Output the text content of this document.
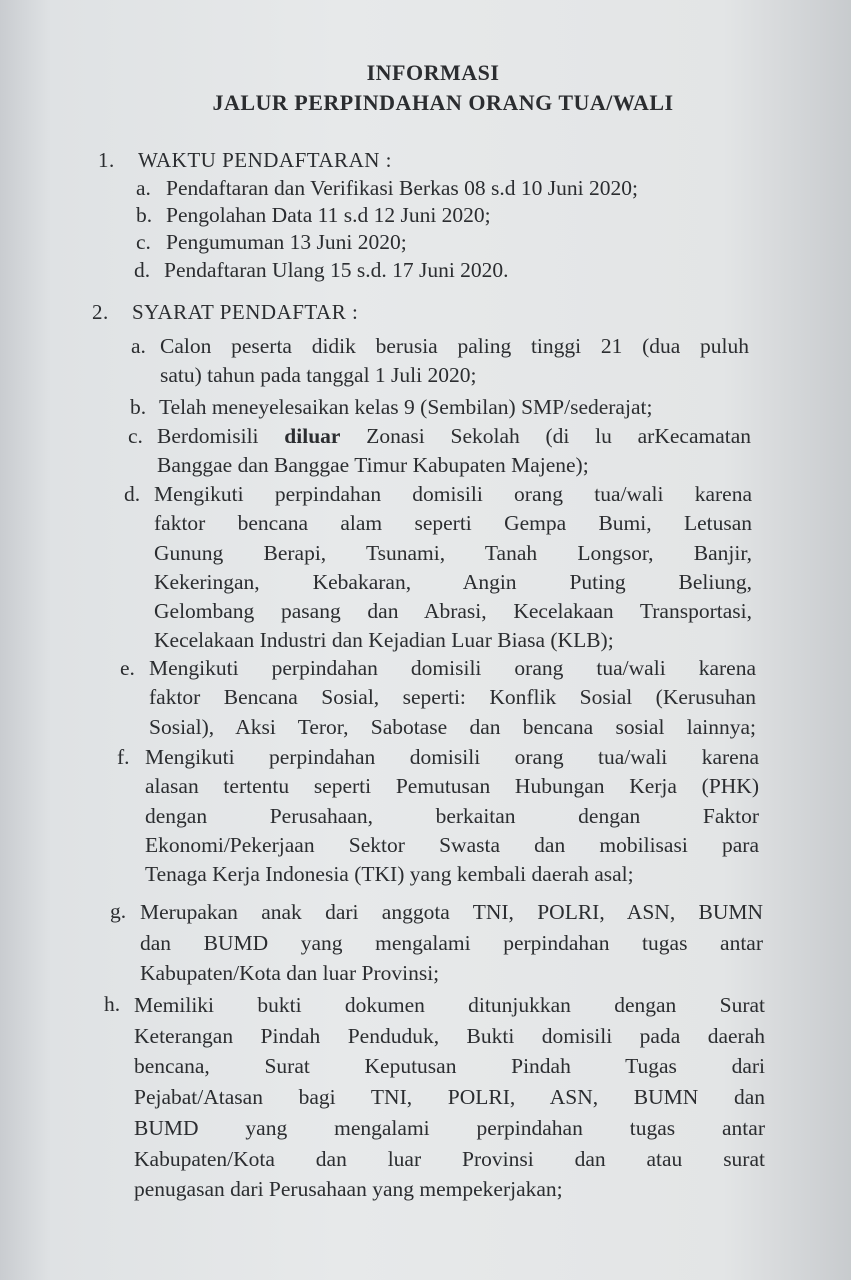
INFORMASI
JALUR PERPINDAHAN ORANG TUA/WALI
1. WAKTU PENDAFTARAN :
a. Pendaftaran dan Verifikasi Berkas 08 s.d 10 Juni 2020;
b. Pengolahan Data 11 s.d 12 Juni 2020;
c. Pengumuman 13 Juni 2020;
d. Pendaftaran Ulang 15 s.d. 17 Juni 2020.
2. SYARAT PENDAFTAR :
a. Calon peserta didik berusia paling tinggi 21 (dua puluh
satu) tahun pada tanggal 1 Juli 2020;
b. Telah meneyelesaikan kelas 9 (Sembilan) SMP/sederajat;
c. Berdomisili diluar Zonasi Sekolah (di lu arKecamatan
Banggae dan Banggae Timur Kabupaten Majene);
d. Mengikuti perpindahan domisili orang tua/wali karena
faktor bencana alam seperti Gempa Bumi, Letusan
Gunung Berapi, Tsunami, Tanah Longsor, Banjir,
Kekeringan, Kebakaran, Angin Puting Beliung,
Gelombang pasang dan Abrasi, Kecelakaan Transportasi,
Kecelakaan Industri dan Kejadian Luar Biasa (KLB);
e. Mengikuti perpindahan domisili orang tua/wali karena
faktor Bencana Sosial, seperti: Konflik Sosial (Kerusuhan
Sosial), Aksi Teror, Sabotase dan bencana sosial lainnya;
f. Mengikuti perpindahan domisili orang tua/wali karena
alasan tertentu seperti Pemutusan Hubungan Kerja (PHK)
dengan Perusahaan, berkaitan dengan Faktor
Ekonomi/Pekerjaan Sektor Swasta dan mobilisasi para
Tenaga Kerja Indonesia (TKI) yang kembali daerah asal;
g. Merupakan anak dari anggota TNI, POLRI, ASN, BUMN
dan BUMD yang mengalami perpindahan tugas antar
Kabupaten/Kota dan luar Provinsi;
h. Memiliki bukti dokumen ditunjukkan dengan Surat
Keterangan Pindah Penduduk, Bukti domisili pada daerah
bencana, Surat Keputusan Pindah Tugas dari
Pejabat/Atasan bagi TNI, POLRI, ASN, BUMN dan
BUMD yang mengalami perpindahan tugas antar
Kabupaten/Kota dan luar Provinsi dan atau surat
penugasan dari Perusahaan yang mempekerjakan;
